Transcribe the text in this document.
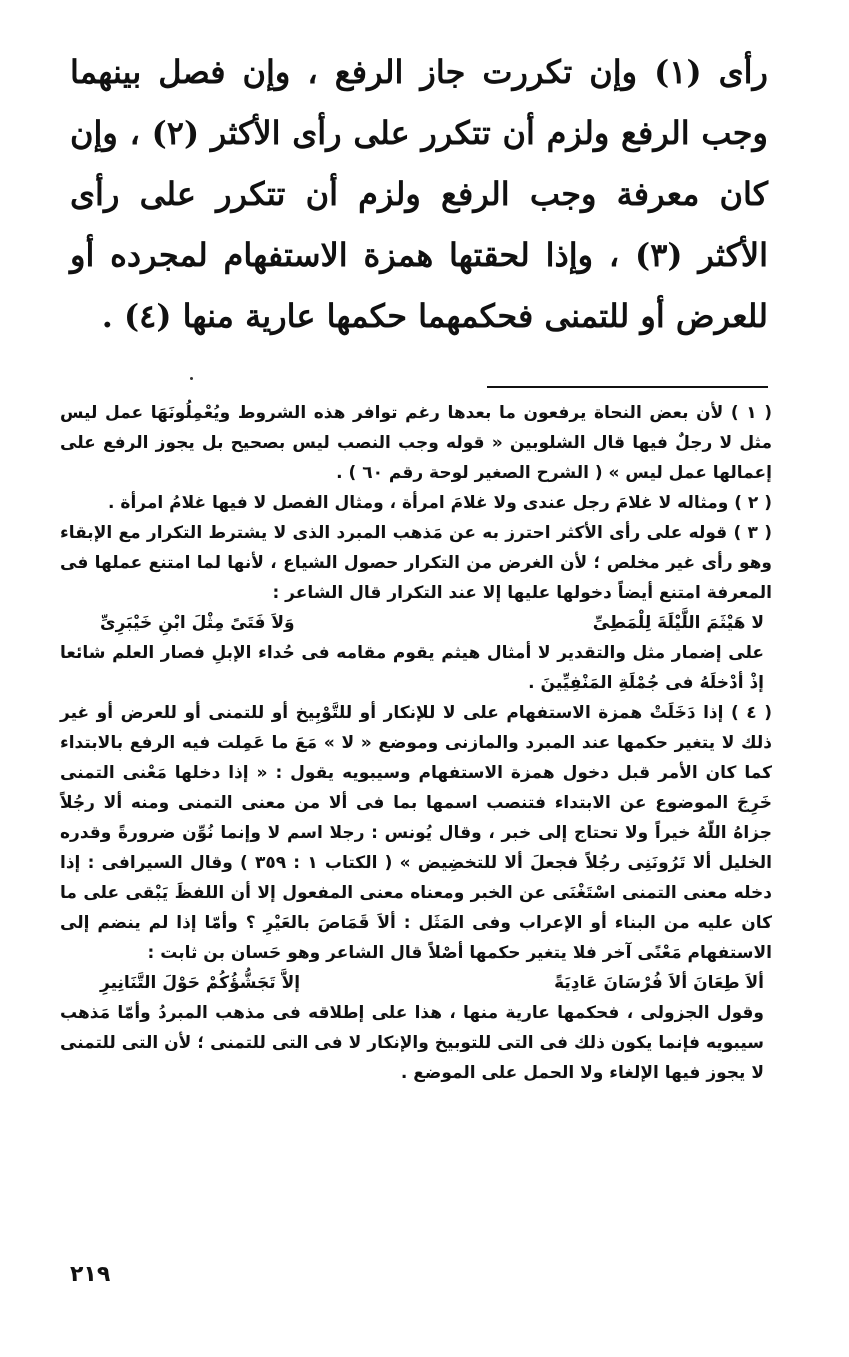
رأى (١) وإن تكررت جاز الرفع ، وإن فصل بينهما وجب الرفع ولزم أن تتكرر على رأى الأكثر (٢) ، وإن كان معرفة وجب الرفع ولزم أن تتكرر على رأى الأكثر (٣) ، وإذا لحقتها همزة الاستفهام لمجرده أو للعرض أو للتمنى فحكمهما حكمها عارية منها (٤) .

( ١ ) لأن بعض النحاة يرفعون ما بعدها رغم توافر هذه الشروط ويُعْمِلُونَهَا عمل ليس مثل لا رجلٌ فيها قال الشلوبين « قوله وجب النصب ليس بصحيح بل يجوز الرفع على إعمالها عمل ليس » ( الشرح الصغير لوحة رقم ٦٠ ) .

( ٢ ) ومثاله لا غلامَ رجل عندى ولا غلامَ امرأة ، ومثال الفصل لا فيها غلامُ امرأة .

( ٣ ) قوله على رأى الأكثر احترز به عن مَذهب المبرد الذى لا يشترط التكرار مع الإبقاء وهو رأى غير مخلص ؛ لأن الغرض من التكرار حصول الشياع ، لأنها لما امتنع عملها فى المعرفة امتنع أيضاً دخولها عليها إلا عند التكرار قال الشاعر :

لا هَيْثَمَ اللَّيْلَةَ لِلْمَطِىِّ
وَلاَ فَتَىً مِثْلَ ابْنِ خَيْبَرِىِّ

على إضمار مثل والتقدير لا أمثال هيثم يقوم مقامه فى حُداء الإبلِ فصار العلم شائعا إذْ أدْخلَهُ فى جُمْلَةِ المَنْفِيِّينَ .

( ٤ ) إذا دَخَلَتْ همزة الاستفهام على لا للإنكار أو للتَّوْبِيخ أو للتمنى أو للعرض أو غير ذلك لا يتغير حكمها عند المبرد والمازنى وموضع « لا » مَعَ ما عَمِلت فيه الرفع بالابتداء كما كان الأمر قبل دخول همزة الاستفهام وسيبويه يقول : « إذا دخلها مَعْنى التمنى خَرِجَ الموضوع عن الابتداء فتنصب اسمها بما فى ألا من معنى التمنى ومنه ألا رجُلاً جزاهُ اللّهُ خيراً ولا تحتاج إلى خبر ، وقال يُونس : رجلا اسم لا وإنما نُوِّن ضرورةً وقدره الخليل ألا تَرُونَنِى رجُلاً فجعلَ ألا للتخضِيض » ( الكتاب ١ : ٣٥٩ ) وقال السيرافى : إذا دخله معنى التمنى اسْتَغْنَى عن الخبر ومعناه معنى المفعول إلا أن اللفظَ يَبْقى على ما كان عليه من البناء أو الإعراب وفى المَثَل : ألاَ قَمَاصَ بالعَيْرِ ؟ وأمّا إذا لم ينضم إلى الاستفهام مَعْنًى آخر فلا يتغير حكمها أصْلاً قال الشاعر وهو حَسان بن ثابت :

ألاَ طِعَانَ ألاَ فُرْسَانَ عَادِيَةً
إلاَّ تَجَشُّؤُكُمْ حَوْلَ التَّنَانِيرِ

وقول الجزولى ، فحكمها عارية منها ، هذا على إطلاقه فى مذهب المبردُ وأمّا مَذهب سيبويه فإنما يكون ذلك فى التى للتوبيخ والإنكار لا فى التى للتمنى ؛ لأن التى للتمنى لا يجوز فيها الإلغاء ولا الحمل على الموضع .

٢١٩
